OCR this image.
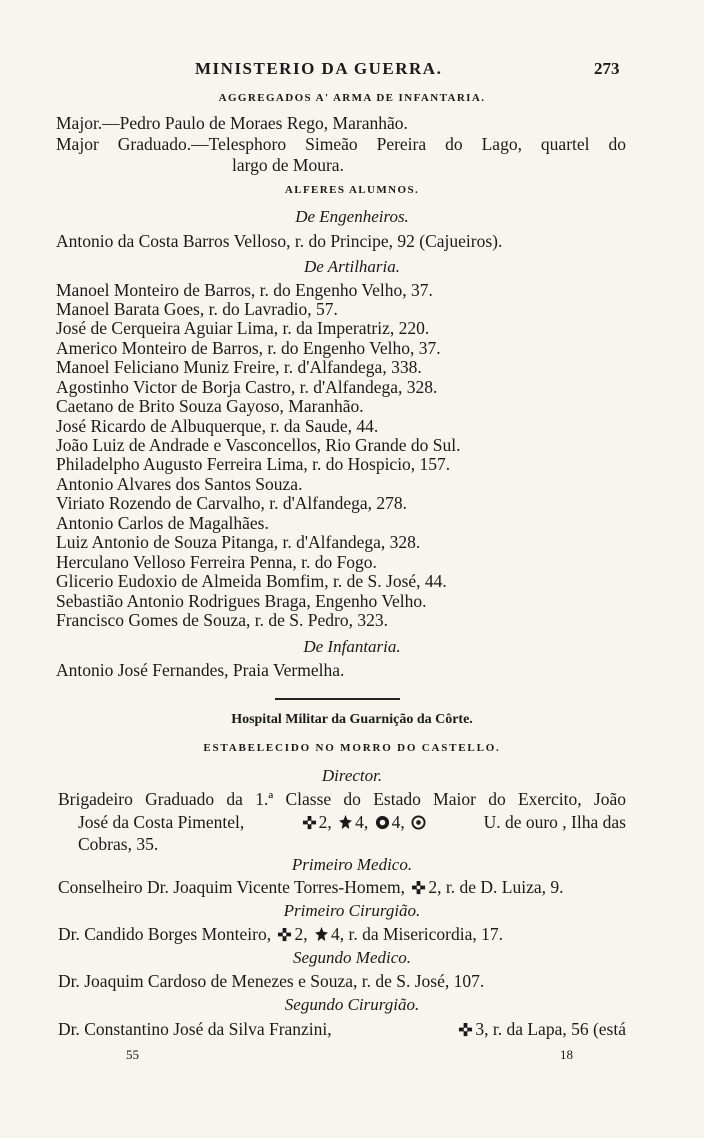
MINISTERIO DA GUERRA.	273
AGGREGADOS A' ARMA DE INFANTARIA.
Major.—Pedro Paulo de Moraes Rego, Maranhão.
Major Graduado.—Telesphoro Simeão Pereira do Lago, quartel do
largo de Moura.
ALFERES ALUMNOS.
De Engenheiros.
Antonio da Costa Barros Velloso, r. do Principe, 92 (Cajueiros).
De Artilharia.
Manoel Monteiro de Barros, r. do Engenho Velho, 37.
Manoel Barata Goes, r. do Lavradio, 57.
José de Cerqueira Aguiar Lima, r. da Imperatriz, 220.
Americo Monteiro de Barros, r. do Engenho Velho, 37.
Manoel Feliciano Muniz Freire, r. d'Alfandega, 338.
Agostinho Victor de Borja Castro, r. d'Alfandega, 328.
Caetano de Brito Souza Gayoso, Maranhão.
José Ricardo de Albuquerque, r. da Saude, 44.
João Luiz de Andrade e Vasconcellos, Rio Grande do Sul.
Philadelpho Augusto Ferreira Lima, r. do Hospicio, 157.
Antonio Alvares dos Santos Souza.
Viriato Rozendo de Carvalho, r. d'Alfandega, 278.
Antonio Carlos de Magalhães.
Luiz Antonio de Souza Pitanga, r. d'Alfandega, 328.
Herculano Velloso Ferreira Penna, r. do Fogo.
Glicerio Eudoxio de Almeida Bomfim, r. de S. José, 44.
Sebastião Antonio Rodrigues Braga, Engenho Velho.
Francisco Gomes de Souza, r. de S. Pedro, 323.
De Infantaria.
Antonio José Fernandes, Praia Vermelha.
Hospital Militar da Guarnição da Côrte.
ESTABELECIDO NO MORRO DO CASTELLO.
Director.
Brigadeiro Graduado da 1.ª Classe do Estado Maior do Exercito, João
José da Costa Pimentel,	2, 4, 4,	U. de ouro , Ilha das
Cobras, 35.
Primeiro Medico.
Conselheiro Dr. Joaquim Vicente Torres-Homem, 2, r. de D. Luiza, 9.
Primeiro Cirurgião.
Dr. Candido Borges Monteiro, 2, 4, r. da Misericordia, 17.
Segundo Medico.
Dr. Joaquim Cardoso de Menezes e Souza, r. de S. José, 107.
Segundo Cirurgião.
Dr. Constantino José da Silva Franzini,	3, r. da Lapa, 56 (está
55	18
